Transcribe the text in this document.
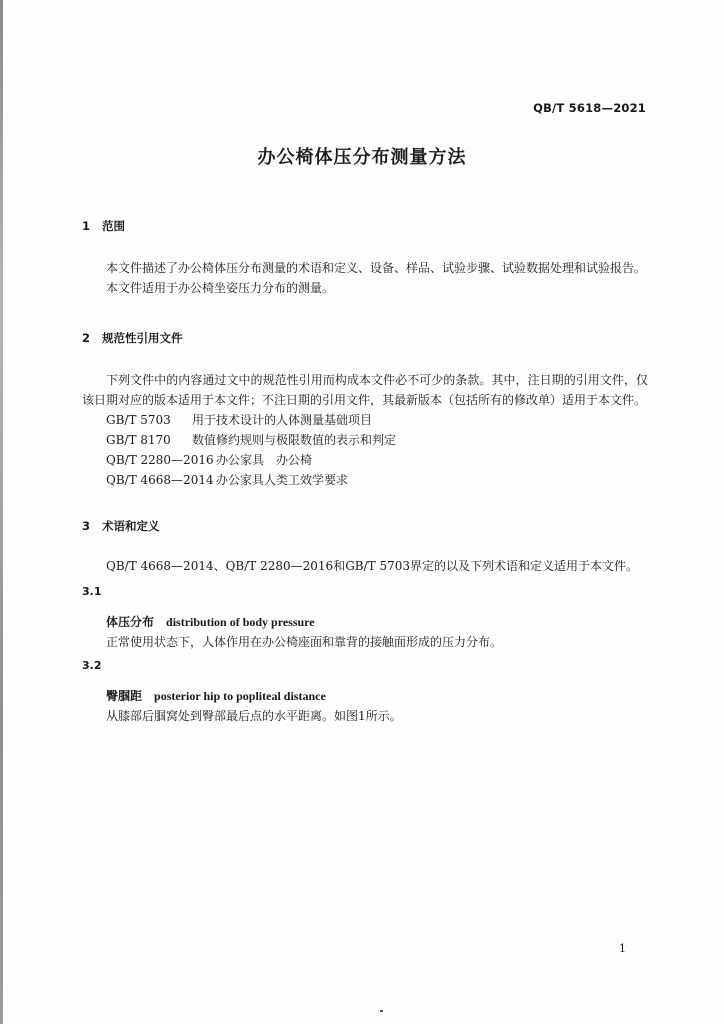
QB/T 5618—2021
办公椅体压分布测量方法
1 范围
本文件描述了办公椅体压分布测量的术语和定义、设备、样品、试验步骤、试验数据处理和试验报告。
本文件适用于办公椅坐姿压力分布的测量。
2 规范性引用文件
下列文件中的内容通过文中的规范性引用而构成本文件必不可少的条款。其中，注日期的引用文件，仅该日期对应的版本适用于本文件；不注日期的引用文件，其最新版本（包括所有的修改单）适用于本文件。
GB/T 5703 用于技术设计的人体测量基础项目
GB/T 8170 数值修约规则与极限数值的表示和判定
QB/T 2280—2016 办公家具　办公椅
QB/T 4668—2014 办公家具人类工效学要求
3 术语和定义
QB/T 4668—2014、QB/T 2280—2016和GB/T 5703界定的以及下列术语和定义适用于本文件。
3.1
体压分布 distribution of body pressure
正常使用状态下，人体作用在办公椅座面和靠背的接触面形成的压力分布。
3.2
臀腘距 posterior hip to popliteal distance
从膝部后腘窝处到臀部最后点的水平距离。如图1所示。
1
